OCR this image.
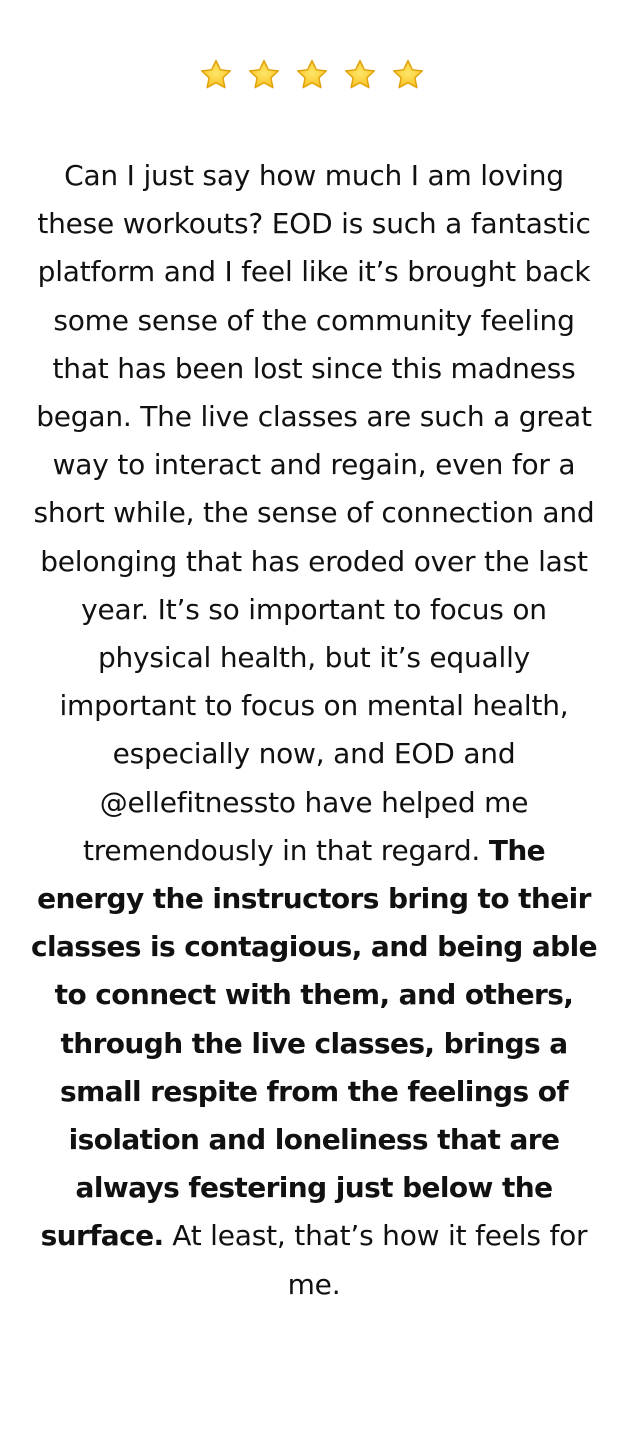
Can I just say how much I am loving these workouts? EOD is such a fantastic platform and I feel like it’s brought back some sense of the community feeling that has been lost since this madness began. The live classes are such a great way to interact and regain, even for a short while, the sense of connection and belonging that has eroded over the last year. It’s so important to focus on physical health, but it’s equally important to focus on mental health, especially now, and EOD and @ellefitnessto have helped me tremendously in that regard. The energy the instructors bring to their classes is contagious, and being able to connect with them, and others, through the live classes, brings a small respite from the feelings of isolation and loneliness that are always festering just below the surface. At least, that’s how it feels for me.
